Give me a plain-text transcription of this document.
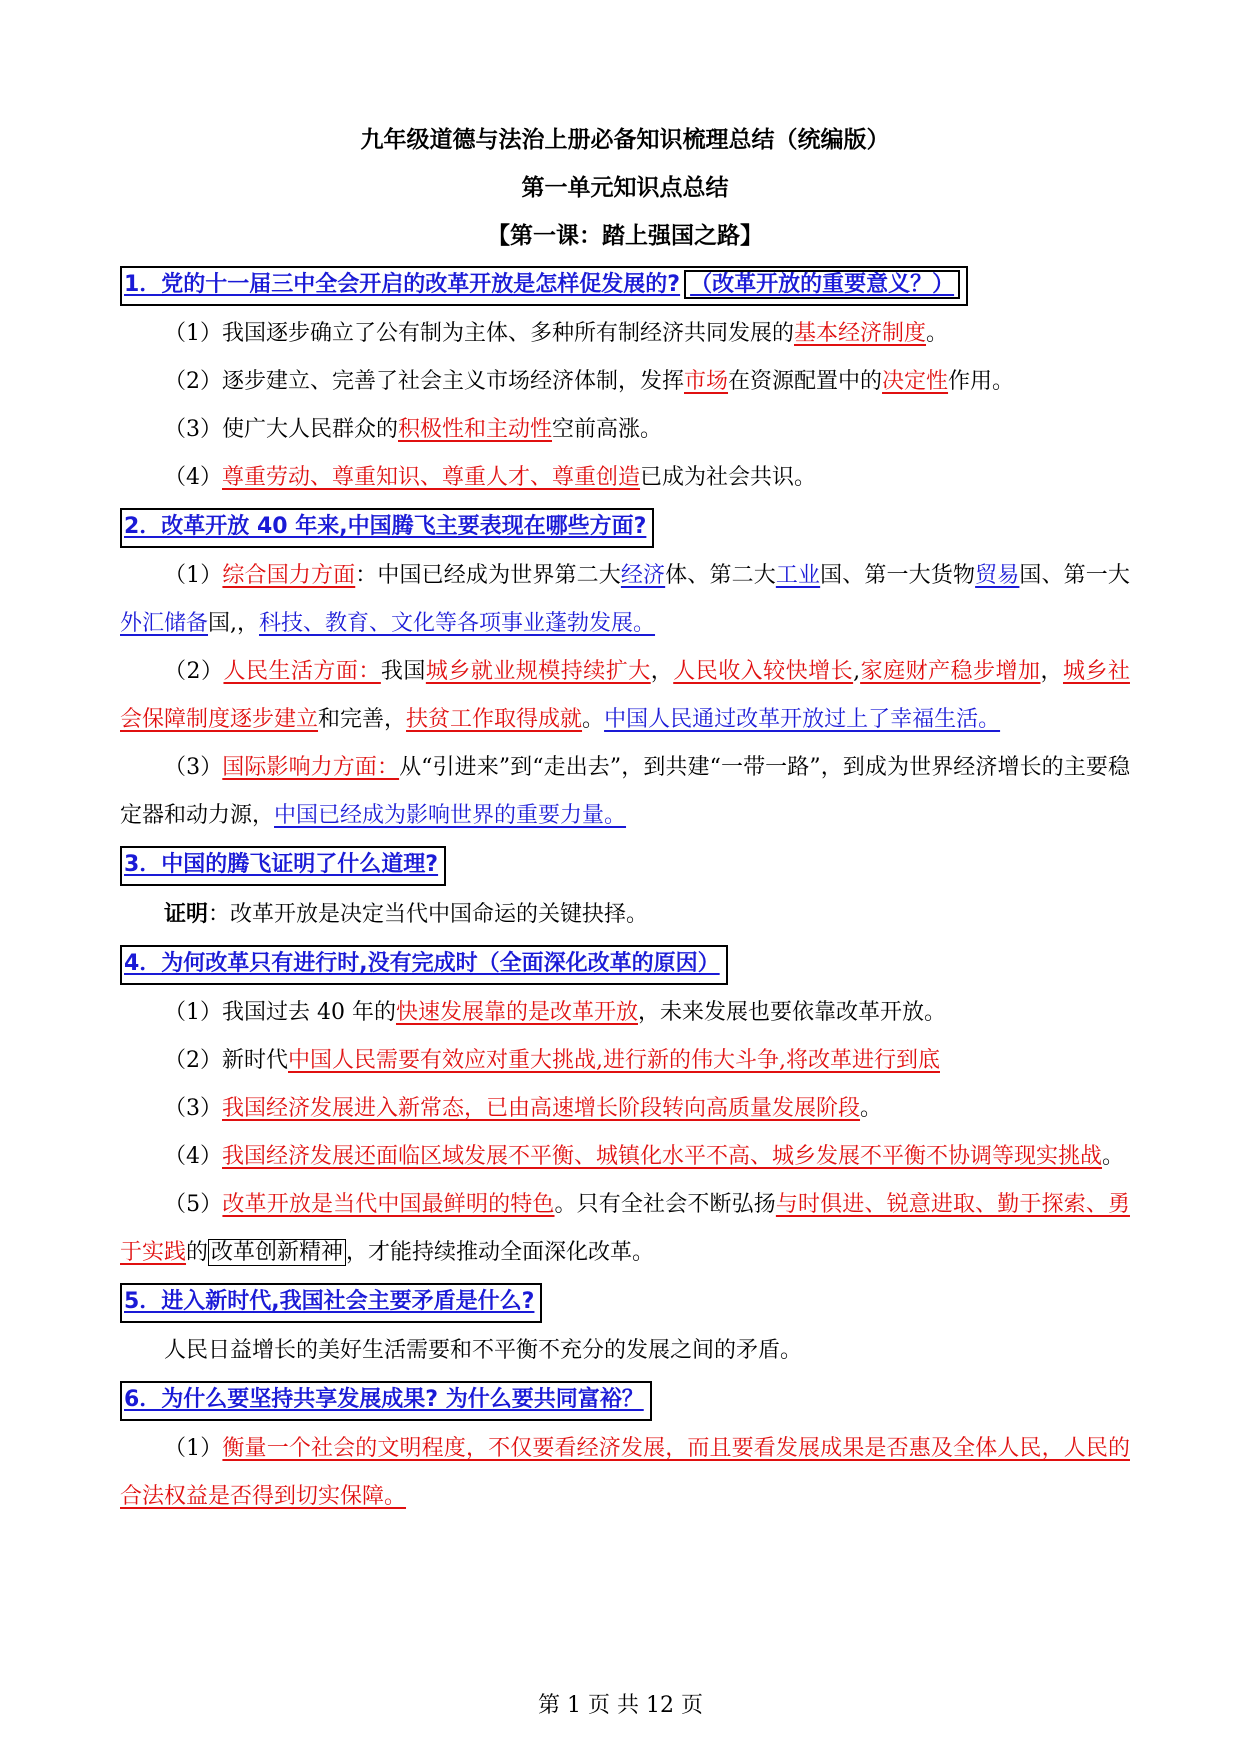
九年级道德与法治上册必备知识梳理总结（统编版）
第一单元知识点总结
【第一课：踏上强国之路】
1．党的十一届三中全会开启的改革开放是怎样促发展的? （改革开放的重要意义？）

（1）我国逐步确立了公有制为主体、多种所有制经济共同发展的基本经济制度。

（2）逐步建立、完善了社会主义市场经济体制，发挥市场在资源配置中的决定性作用。

（3）使广大人民群众的积极性和主动性空前高涨。

（4）尊重劳动、尊重知识、尊重人才、尊重创造已成为社会共识。

2．改革开放 40 年来,中国腾飞主要表现在哪些方面?

（1）综合国力方面：中国已经成为世界第二大经济体、第二大工业国、第一大货物贸易国、第一大外汇储备国,，科技、教育、文化等各项事业蓬勃发展。

（2）人民生活方面：我国城乡就业规模持续扩大，人民收入较快增长,家庭财产稳步增加，城乡社会保障制度逐步建立和完善，扶贫工作取得成就。中国人民通过改革开放过上了幸福生活。

（3）国际影响力方面：从“引进来”到“走出去”，到共建“一带一路”，到成为世界经济增长的主要稳定器和动力源，中国已经成为影响世界的重要力量。

3．中国的腾飞证明了什么道理?

证明：改革开放是决定当代中国命运的关键抉择。

4．为何改革只有进行时,没有完成时（全面深化改革的原因）

（1）我国过去 40 年的快速发展靠的是改革开放，未来发展也要依靠改革开放。

（2）新时代中国人民需要有效应对重大挑战,进行新的伟大斗争,将改革进行到底

（3）我国经济发展进入新常态，已由高速增长阶段转向高质量发展阶段。

（4）我国经济发展还面临区域发展不平衡、城镇化水平不高、城乡发展不平衡不协调等现实挑战。

（5）改革开放是当代中国最鲜明的特色。只有全社会不断弘扬与时俱进、锐意进取、勤于探索、勇于实践的 改革创新精神 ，才能持续推动全面深化改革。

5．进入新时代,我国社会主要矛盾是什么?

人民日益增长的美好生活需要和不平衡不充分的发展之间的矛盾。

6．为什么要坚持共享发展成果? 为什么要共同富裕？

（1）衡量一个社会的文明程度，不仅要看经济发展，而且要看发展成果是否惠及全体人民，人民的合法权益是否得到切实保障。

第 1 页 共 12 页
